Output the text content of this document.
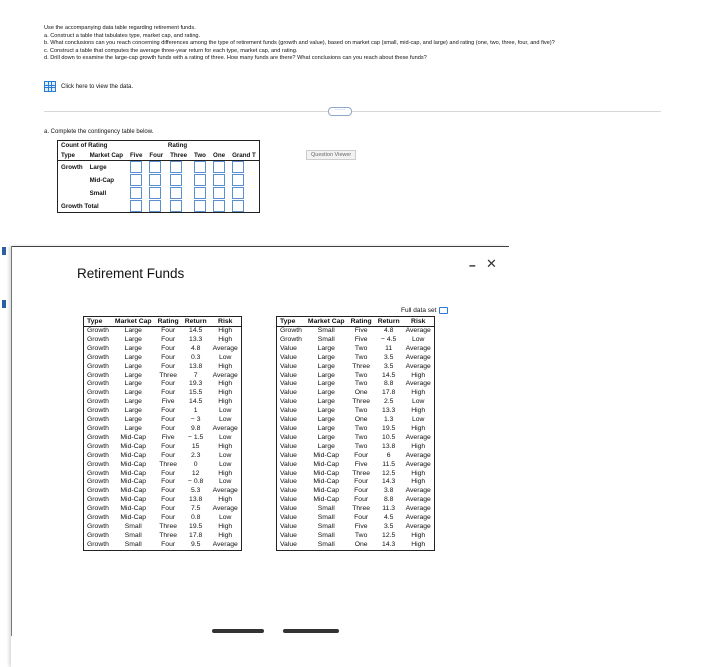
Use the accompanying data table regarding retirement funds.

a. Construct a table that tabulates type, market cap, and rating.

b. What conclusions can you reach concerning differences among the type of retirement funds (growth and value), based on market cap (small, mid-cap, and large) and rating (one, two, three, four, and five)?

c. Construct a table that computes the average three-year return for each type, market cap, and rating.

d. Drill down to examine the large-cap growth funds with a rating of three. How many funds are there? What conclusions can you reach about these funds?

Click here to view the data.
·····
a. Complete the contingency table below.
Count of Rating		Rating					
Type	Market Cap	Five	Four	Three	Two	One	Grand T
Growth	Large						
	Mid-Cap						
	Small						
Growth Total							
Question Viewer
Retirement Funds
– ✕
Full data set
Type	Market Cap	Rating	Return	Risk
Growth	Large	Four	14.5	High
Growth	Large	Four	13.3	High
Growth	Large	Four	4.8	Average
Growth	Large	Four	0.3	Low
Growth	Large	Four	13.8	High
Growth	Large	Three	7	Average
Growth	Large	Four	19.3	High
Growth	Large	Four	15.5	High
Growth	Large	Five	14.5	High
Growth	Large	Four	1	Low
Growth	Large	Four	− 3	Low
Growth	Large	Four	9.8	Average
Growth	Mid-Cap	Five	− 1.5	Low
Growth	Mid-Cap	Four	15	High
Growth	Mid-Cap	Four	2.3	Low
Growth	Mid-Cap	Three	0	Low
Growth	Mid-Cap	Four	12	High
Growth	Mid-Cap	Four	− 0.8	Low
Growth	Mid-Cap	Four	5.3	Average
Growth	Mid-Cap	Four	13.8	High
Growth	Mid-Cap	Four	7.5	Average
Growth	Mid-Cap	Four	0.8	Low
Growth	Small	Three	19.5	High
Growth	Small	Three	17.8	High
Growth	Small	Four	9.5	Average
Type	Market Cap	Rating	Return	Risk
Growth	Small	Five	4.8	Average
Growth	Small	Five	− 4.5	Low
Value	Large	Two	11	Average
Value	Large	Two	3.5	Average
Value	Large	Three	3.5	Average
Value	Large	Two	14.5	High
Value	Large	Two	8.8	Average
Value	Large	One	17.8	High
Value	Large	Three	2.5	Low
Value	Large	Two	13.3	High
Value	Large	One	1.3	Low
Value	Large	Two	19.5	High
Value	Large	Two	10.5	Average
Value	Large	Two	13.8	High
Value	Mid-Cap	Four	6	Average
Value	Mid-Cap	Five	11.5	Average
Value	Mid-Cap	Three	12.5	High
Value	Mid-Cap	Four	14.3	High
Value	Mid-Cap	Four	3.8	Average
Value	Mid-Cap	Four	8.8	Average
Value	Small	Three	11.3	Average
Value	Small	Four	4.5	Average
Value	Small	Five	3.5	Average
Value	Small	Two	12.5	High
Value	Small	One	14.3	High
